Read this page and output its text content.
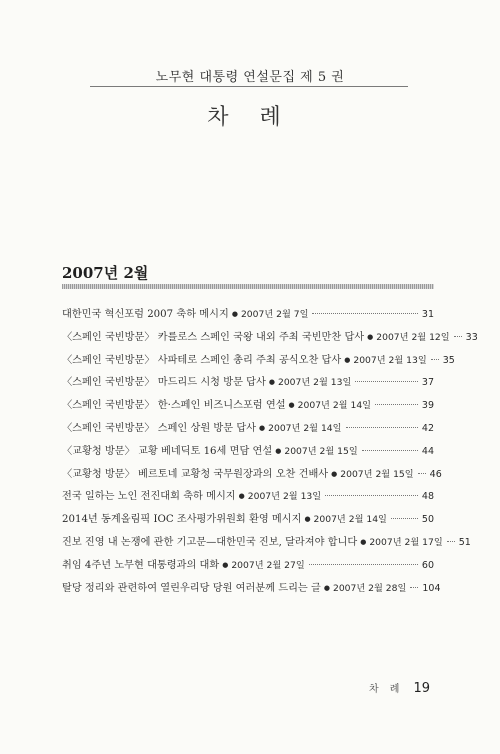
노무현 대통령 연설문집 제 5 권
차 례
2007년 2월
대한민국 혁신포럼 2007 축하 메시지 ● 2007년 2월 7일	31
〈스페인 국빈방문〉 카를로스 스페인 국왕 내외 주최 국빈만찬 답사 ● 2007년 2월 12일 33
〈스페인 국빈방문〉 사파테로 스페인 총리 주최 공식오찬 답사 ● 2007년 2월 13일 35
〈스페인 국빈방문〉 마드리드 시청 방문 답사 ● 2007년 2월 13일	37
〈스페인 국빈방문〉 한·스페인 비즈니스포럼 연설 ● 2007년 2월 14일	39
〈스페인 국빈방문〉 스페인 상원 방문 답사 ● 2007년 2월 14일	42
〈교황청 방문〉 교황 베네딕토 16세 면담 연설 ● 2007년 2월 15일	44
〈교황청 방문〉 베르토네 교황청 국무원장과의 오찬 건배사 ● 2007년 2월 15일 46
전국 일하는 노인 전진대회 축하 메시지 ● 2007년 2월 13일	48
2014년 동계올림픽 IOC 조사평가위원회 환영 메시지 ● 2007년 2월 14일	50
진보 진영 내 논쟁에 관한 기고문—대한민국 진보, 달라져야 합니다 ● 2007년 2월 17일 51
취임 4주년 노무현 대통령과의 대화 ● 2007년 2월 27일	60
탈당 정리와 관련하여 열린우리당 당원 여러분께 드리는 글 ● 2007년 2월 28일 104
차 례 19
